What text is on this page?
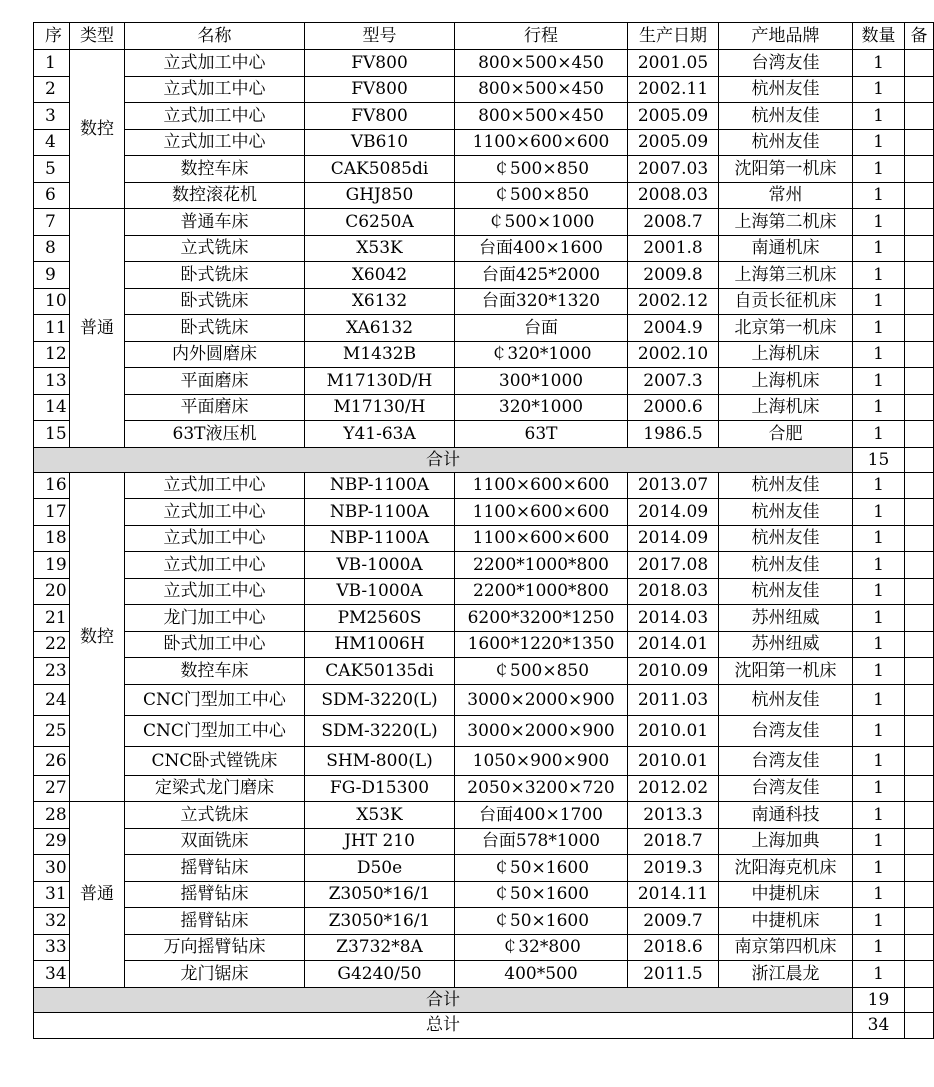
序	类型	名称	型号	行程	生产日期	产地品牌	数量	备
1	数控	立式加工中心	FV800	800×500×450	2001.05	台湾友佳	1	
2		立式加工中心	FV800	800×500×450	2002.11	杭州友佳	1	
3		立式加工中心	FV800	800×500×450	2005.09	杭州友佳	1	
4		立式加工中心	VB610	1100×600×600	2005.09	杭州友佳	1	
5		数控车床	CAK5085di	￠500×850	2007.03	沈阳第一机床	1	
6		数控滚花机	GHJ850	￠500×850	2008.03	常州	1	
7	普通	普通车床	C6250A	￠500×1000	2008.7	上海第二机床	1	
8		立式铣床	X53K	台面400×1600	2001.8	南通机床	1	
9		卧式铣床	X6042	台面425*2000	2009.8	上海第三机床	1	
10		卧式铣床	X6132	台面320*1320	2002.12	自贡长征机床	1	
11		卧式铣床	XA6132	台面	2004.9	北京第一机床	1	
12		内外圆磨床	M1432B	￠320*1000	2002.10	上海机床	1	
13		平面磨床	M17130D/H	300*1000	2007.3	上海机床	1	
14		平面磨床	M17130/H	320*1000	2000.6	上海机床	1	
15		63T液压机	Y41-63A	63T	1986.5	合肥	1	
合计							15	
16	数控	立式加工中心	NBP-1100A	1100×600×600	2013.07	杭州友佳	1	
17		立式加工中心	NBP-1100A	1100×600×600	2014.09	杭州友佳	1	
18		立式加工中心	NBP-1100A	1100×600×600	2014.09	杭州友佳	1	
19		立式加工中心	VB-1000A	2200*1000*800	2017.08	杭州友佳	1	
20		立式加工中心	VB-1000A	2200*1000*800	2018.03	杭州友佳	1	
21		龙门加工中心	PM2560S	6200*3200*1250	2014.03	苏州纽威	1	
22		卧式加工中心	HM1006H	1600*1220*1350	2014.01	苏州纽威	1	
23		数控车床	CAK50135di	￠500×850	2010.09	沈阳第一机床	1	
24		CNC门型加工中心	SDM-3220(L)	3000×2000×900	2011.03	杭州友佳	1	
25		CNC门型加工中心	SDM-3220(L)	3000×2000×900	2010.01	台湾友佳	1	
26		CNC卧式镗铣床	SHM-800(L)	1050×900×900	2010.01	台湾友佳	1	
27		定梁式龙门磨床	FG-D15300	2050×3200×720	2012.02	台湾友佳	1	
28	普通	立式铣床	X53K	台面400×1700	2013.3	南通科技	1	
29		双面铣床	JHT 210	台面578*1000	2018.7	上海加典	1	
30		摇臂钻床	D50e	￠50×1600	2019.3	沈阳海克机床	1	
31		摇臂钻床	Z3050*16/1	￠50×1600	2014.11	中捷机床	1	
32		摇臂钻床	Z3050*16/1	￠50×1600	2009.7	中捷机床	1	
33		万向摇臂钻床	Z3732*8A	￠32*800	2018.6	南京第四机床	1	
34		龙门锯床	G4240/50	400*500	2011.5	浙江晨龙	1	
合计							19	
总计							34	
